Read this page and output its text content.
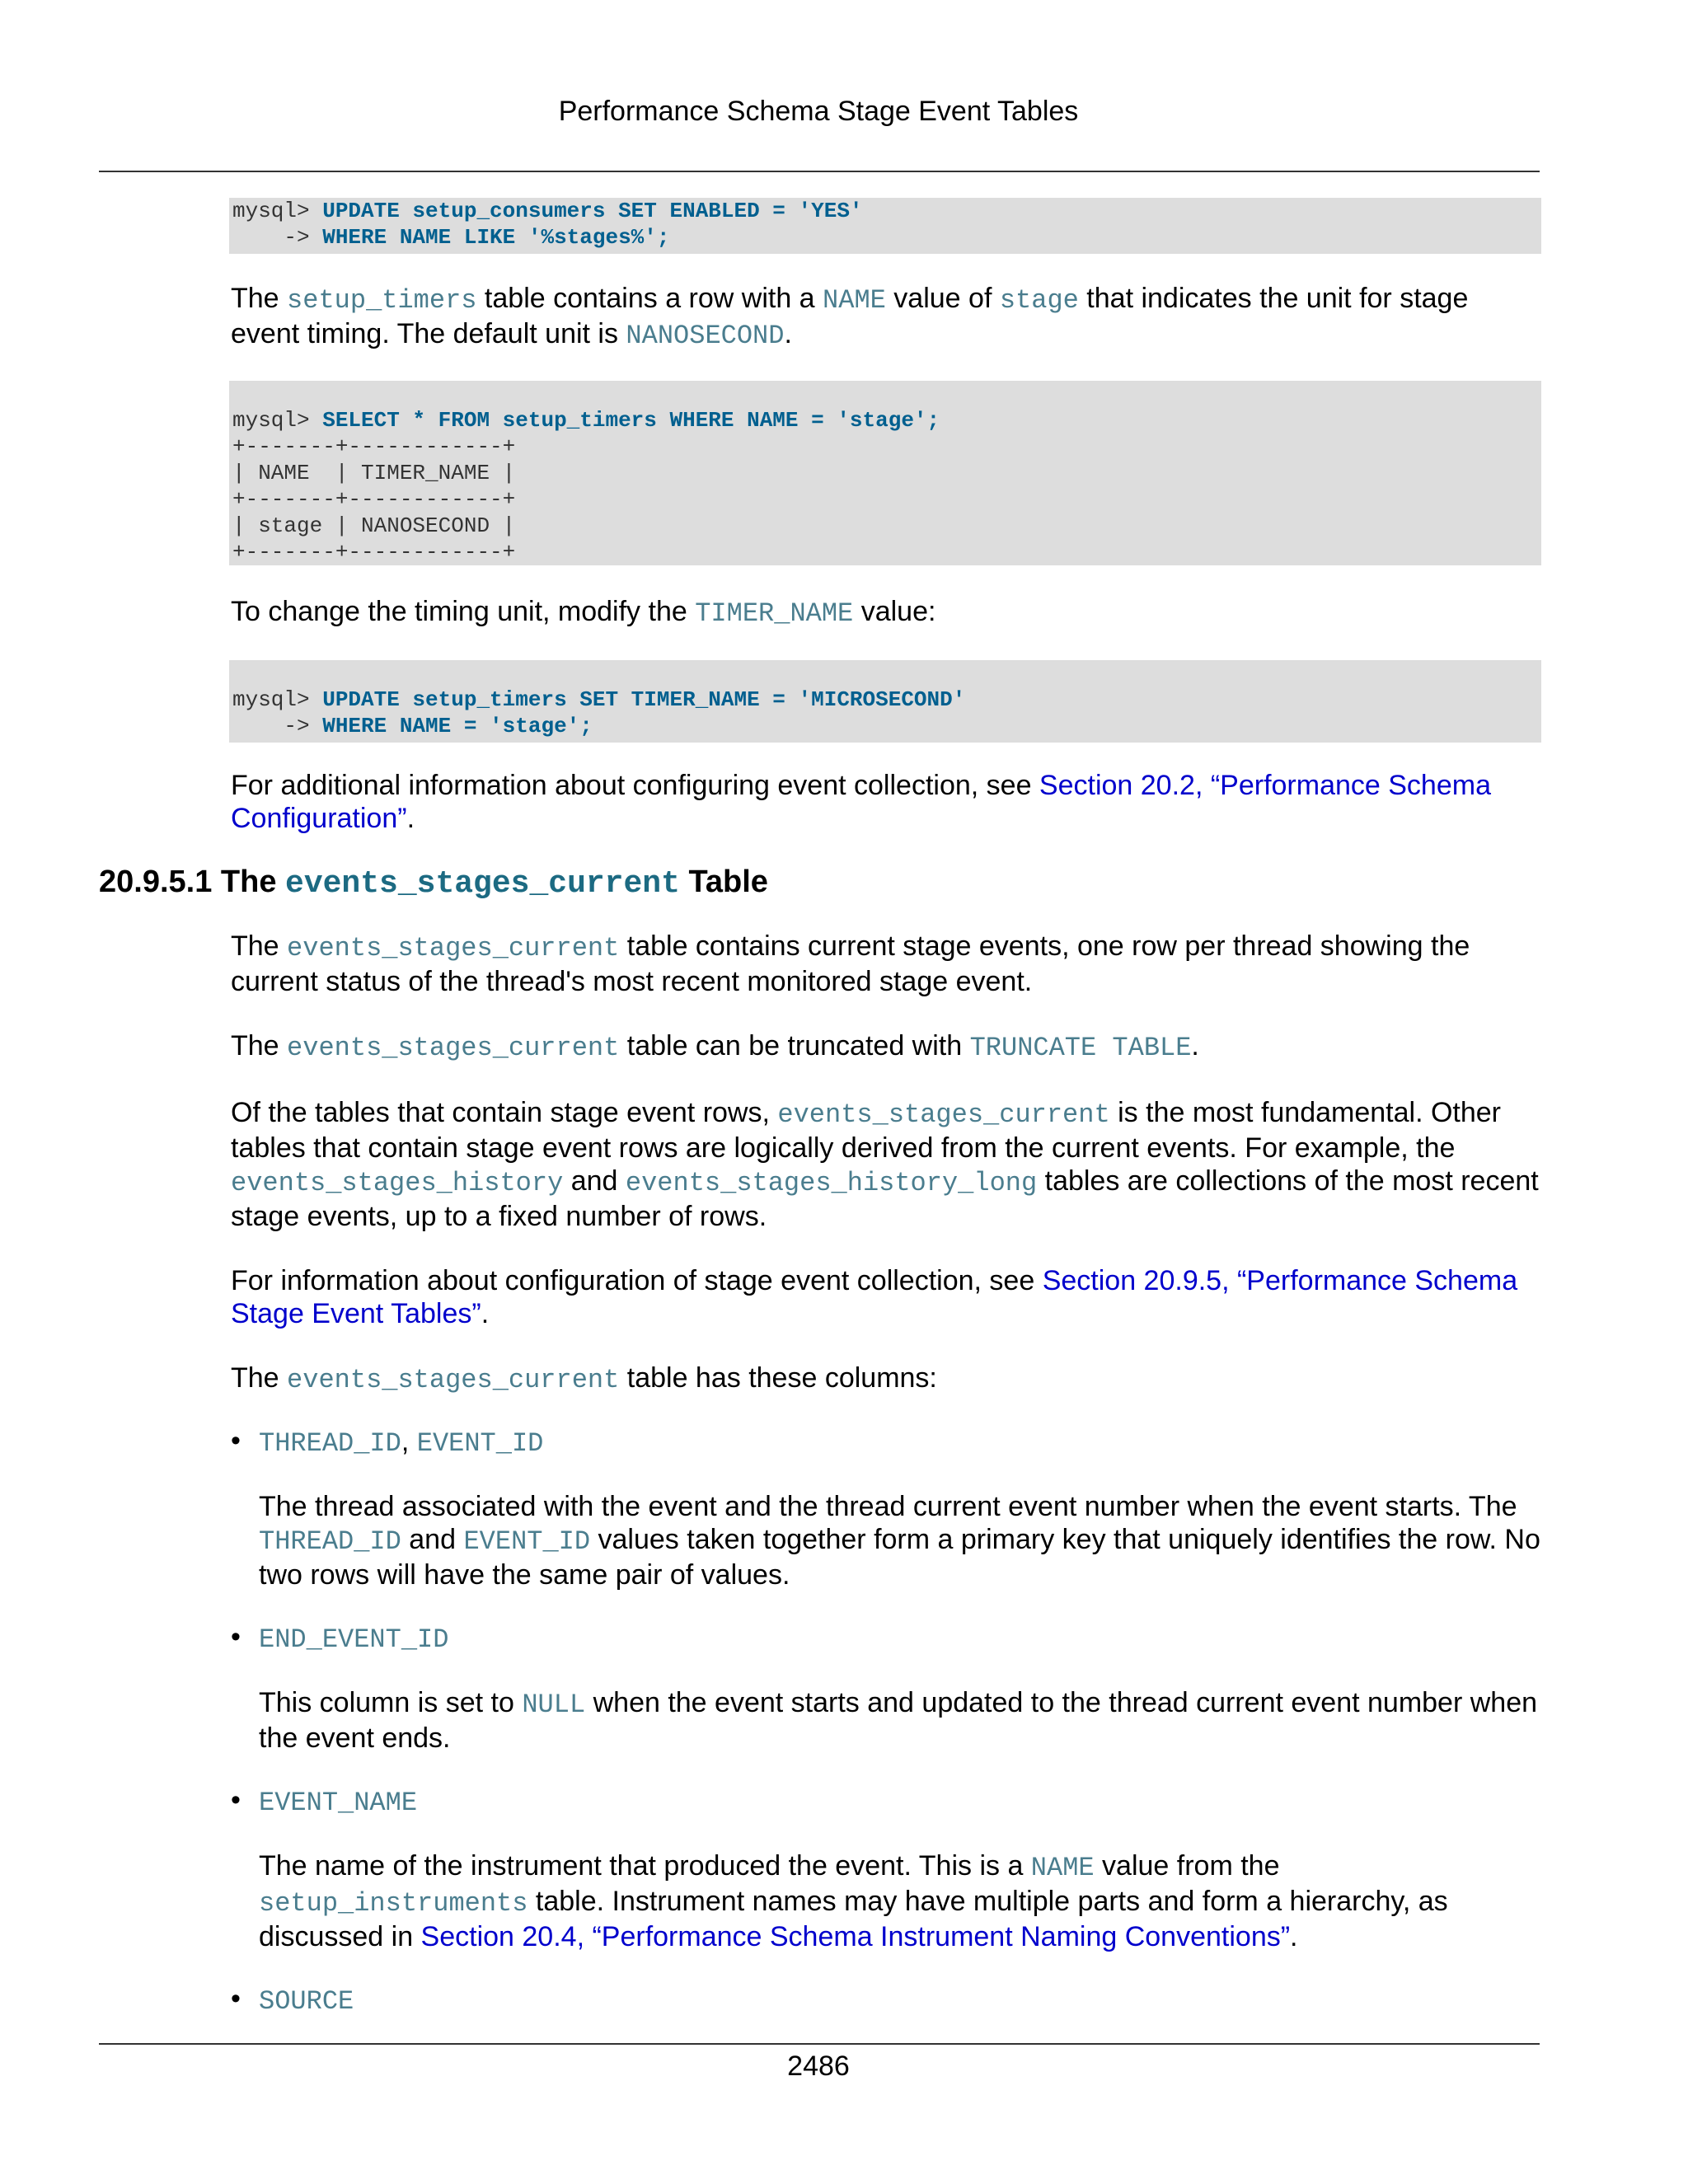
Performance Schema Stage Event Tables
mysql> UPDATE setup_consumers SET ENABLED = 'YES'
-> WHERE NAME LIKE '%stages%';

The setup_timers table contains a row with a NAME value of stage that indicates the unit for stage event timing. The default unit is NANOSECOND.

mysql> SELECT * FROM setup_timers WHERE NAME = 'stage';
+-------+------------+
| NAME  | TIMER_NAME |
+-------+------------+
| stage | NANOSECOND |
+-------+------------+

To change the timing unit, modify the TIMER_NAME value:

mysql> UPDATE setup_timers SET TIMER_NAME = 'MICROSECOND'
-> WHERE NAME = 'stage';

For additional information about configuring event collection, see Section 20.2, “Performance Schema Configuration”.

20.9.5.1 The events_stages_current Table

The events_stages_current table contains current stage events, one row per thread showing the current status of the thread's most recent monitored stage event.

The events_stages_current table can be truncated with TRUNCATE TABLE.

Of the tables that contain stage event rows, events_stages_current is the most fundamental. Other tables that contain stage event rows are logically derived from the current events. For example, the events_stages_history and events_stages_history_long tables are collections of the most recent stage events, up to a fixed number of rows.

For information about configuration of stage event collection, see Section 20.9.5, “Performance Schema Stage Event Tables”.

The events_stages_current table has these columns:

• THREAD_ID, EVENT_ID

The thread associated with the event and the thread current event number when the event starts. The THREAD_ID and EVENT_ID values taken together form a primary key that uniquely identifies the row. No two rows will have the same pair of values.

• END_EVENT_ID

This column is set to NULL when the event starts and updated to the thread current event number when the event ends.

• EVENT_NAME

The name of the instrument that produced the event. This is a NAME value from the setup_instruments table. Instrument names may have multiple parts and form a hierarchy, as discussed in Section 20.4, “Performance Schema Instrument Naming Conventions”.

• SOURCE

2486
